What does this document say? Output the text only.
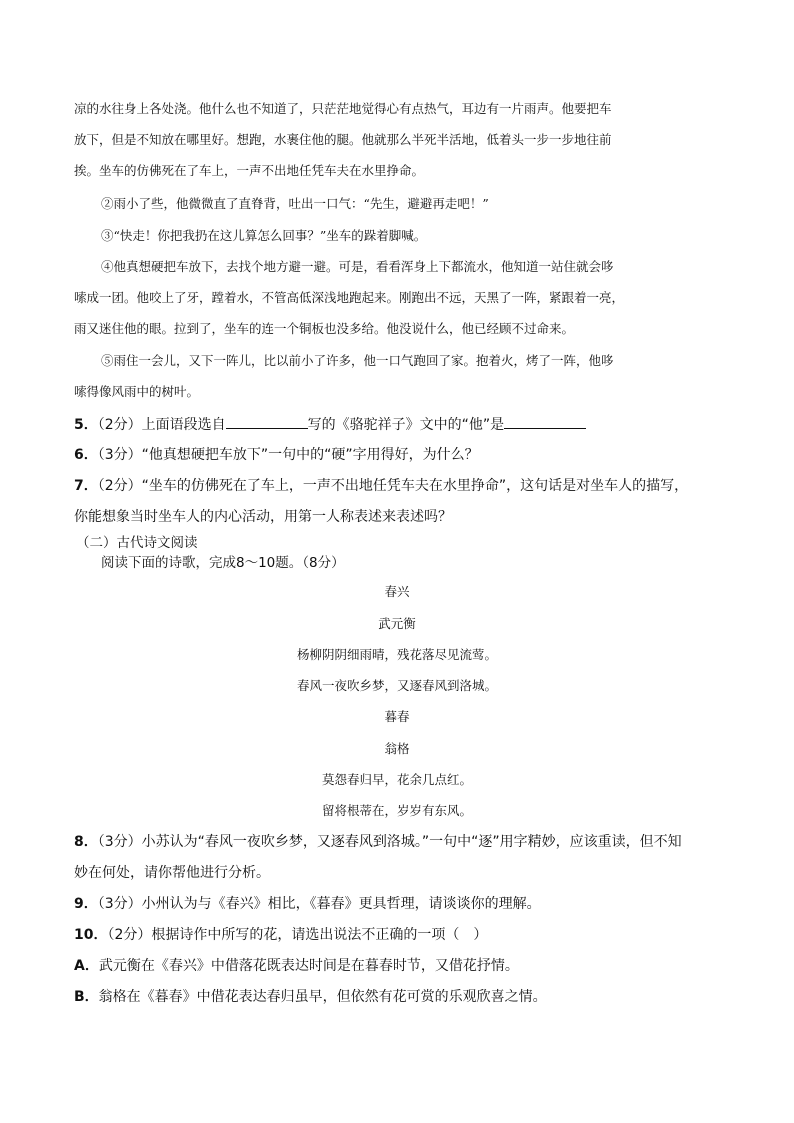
凉的水往身上各处浇。他什么也不知道了，只茫茫地觉得心有点热气，耳边有一片雨声。他要把车
放下，但是不知放在哪里好。想跑，水裹住他的腿。他就那么半死半活地，低着头一步一步地往前
挨。坐车的仿佛死在了车上，一声不出地任凭车夫在水里挣命。
②雨小了些，他微微直了直脊背，吐出一口气：“先生，避避再走吧！”
③“快走！你把我扔在这儿算怎么回事？”坐车的跺着脚喊。
④他真想硬把车放下，去找个地方避一避。可是，看看浑身上下都流水，他知道一站住就会哆
嗦成一团。他咬上了牙，蹚着水，不管高低深浅地跑起来。刚跑出不远，天黑了一阵，紧跟着一亮，
雨又迷住他的眼。拉到了，坐车的连一个铜板也没多给。他没说什么，他已经顾不过命来。
⑤雨住一会儿，又下一阵儿，比以前小了许多，他一口气跑回了家。抱着火，烤了一阵，他哆
嗦得像风雨中的树叶。
5．（2分）上面语段选自	写的《骆驼祥子》文中的“他”是
6．（3分）“他真想硬把车放下”一句中的“硬”字用得好，为什么？
7．（2分）“坐车的仿佛死在了车上，一声不出地任凭车夫在水里挣命”，这句话是对坐车人的描写，
你能想象当时坐车人的内心活动，用第一人称表述来表述吗？
（二）古代诗文阅读
阅读下面的诗歌，完成8～10题。（8分）
春兴
武元衡
杨柳阴阴细雨晴，残花落尽见流莺。
春风一夜吹乡梦，又逐春风到洛城。
暮春
翁格
莫怨春归早，花余几点红。
留将根蒂在，岁岁有东风。
8．（3分）小苏认为“春风一夜吹乡梦，又逐春风到洛城。”一句中“逐”用字精妙，应该重读，但不知
妙在何处，请你帮他进行分析。
9．（3分）小州认为与《春兴》相比，《暮春》更具哲理，请谈谈你的理解。
10．（2分）根据诗作中所写的花，请选出说法不正确的一项（　）
A．武元衡在《春兴》中借落花既表达时间是在暮春时节，又借花抒情。
B．翁格在《暮春》中借花表达春归虽早，但依然有花可赏的乐观欣喜之情。
